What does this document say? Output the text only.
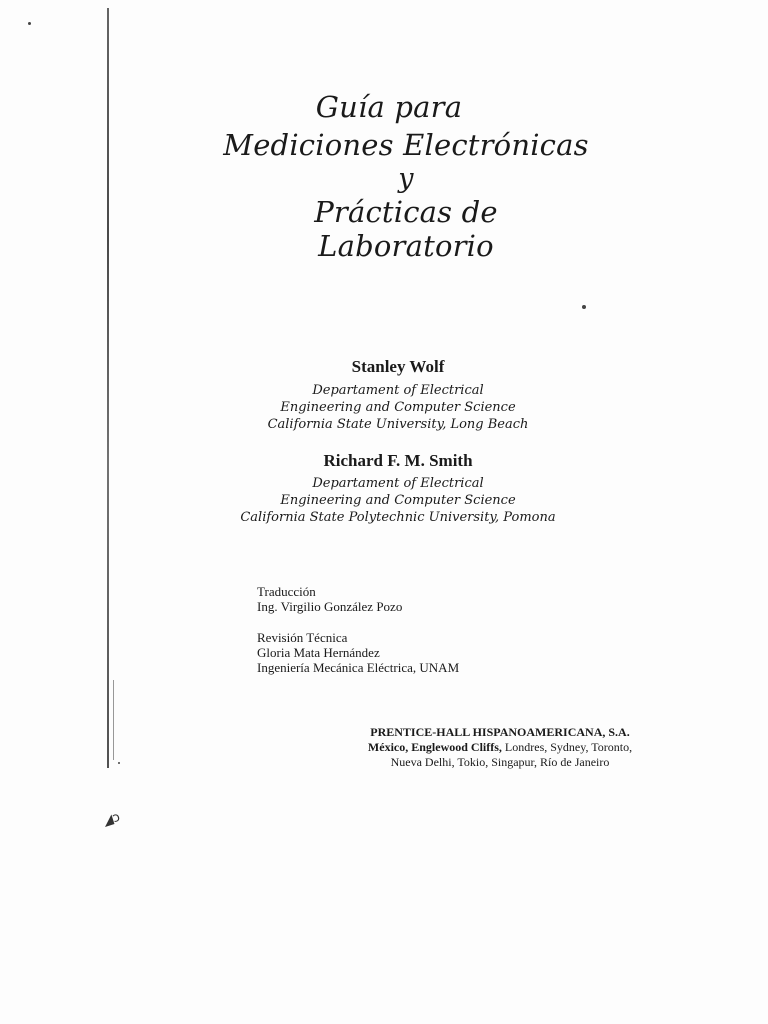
◢ɔ
Guía para
Mediciones Electrónicas
y
Prácticas de
Laboratorio
Stanley Wolf
Departament of Electrical
Engineering and Computer Science
California State University, Long Beach
Richard F. M. Smith
Departament of Electrical
Engineering and Computer Science
California State Polytechnic University, Pomona
Traducción
Ing. Virgilio González Pozo
Revisión Técnica
Gloria Mata Hernández
Ingeniería Mecánica Eléctrica, UNAM
PRENTICE-HALL HISPANOAMERICANA, S.A.
México, Englewood Cliffs, Londres, Sydney, Toronto,
Nueva Delhi, Tokio, Singapur, Río de Janeiro
